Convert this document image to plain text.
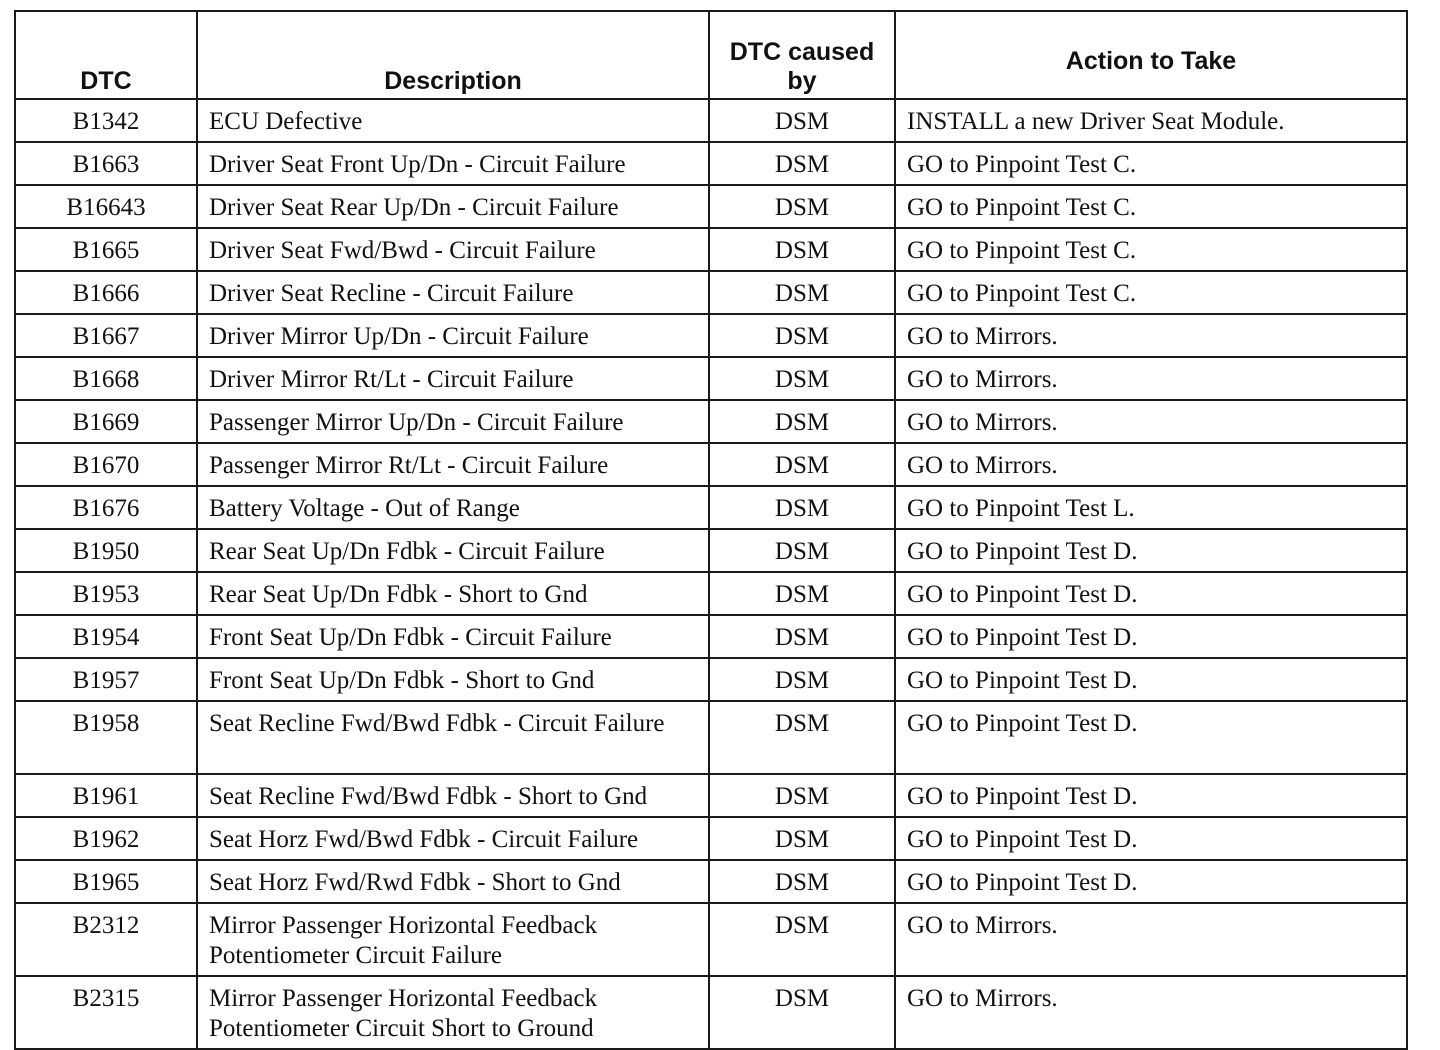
DTC	Description	DTC caused by	Action to Take
B1342	ECU Defective	DSM	INSTALL a new Driver Seat Module.
B1663	Driver Seat Front Up/Dn - Circuit Failure	DSM	GO to Pinpoint Test C.
B16643	Driver Seat Rear Up/Dn - Circuit Failure	DSM	GO to Pinpoint Test C.
B1665	Driver Seat Fwd/Bwd - Circuit Failure	DSM	GO to Pinpoint Test C.
B1666	Driver Seat Recline - Circuit Failure	DSM	GO to Pinpoint Test C.
B1667	Driver Mirror Up/Dn - Circuit Failure	DSM	GO to Mirrors.
B1668	Driver Mirror Rt/Lt - Circuit Failure	DSM	GO to Mirrors.
B1669	Passenger Mirror Up/Dn - Circuit Failure	DSM	GO to Mirrors.
B1670	Passenger Mirror Rt/Lt - Circuit Failure	DSM	GO to Mirrors.
B1676	Battery Voltage - Out of Range	DSM	GO to Pinpoint Test L.
B1950	Rear Seat Up/Dn Fdbk - Circuit Failure	DSM	GO to Pinpoint Test D.
B1953	Rear Seat Up/Dn Fdbk - Short to Gnd	DSM	GO to Pinpoint Test D.
B1954	Front Seat Up/Dn Fdbk - Circuit Failure	DSM	GO to Pinpoint Test D.
B1957	Front Seat Up/Dn Fdbk - Short to Gnd	DSM	GO to Pinpoint Test D.
B1958	Seat Recline Fwd/Bwd Fdbk - Circuit Failure	DSM	GO to Pinpoint Test D.
B1961	Seat Recline Fwd/Bwd Fdbk - Short to Gnd	DSM	GO to Pinpoint Test D.
B1962	Seat Horz Fwd/Bwd Fdbk - Circuit Failure	DSM	GO to Pinpoint Test D.
B1965	Seat Horz Fwd/Rwd Fdbk - Short to Gnd	DSM	GO to Pinpoint Test D.
B2312	Mirror Passenger Horizontal Feedback Potentiometer Circuit Failure	DSM	GO to Mirrors.
B2315	Mirror Passenger Horizontal Feedback Potentiometer Circuit Short to Ground	DSM	GO to Mirrors.
